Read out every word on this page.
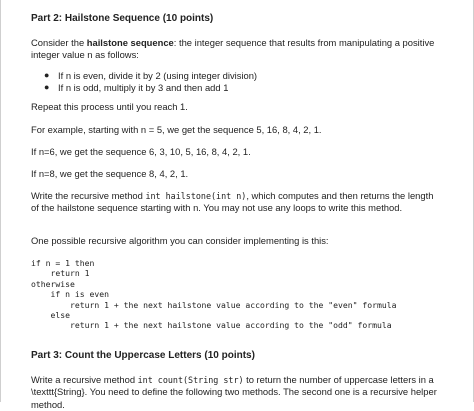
Part 2: Hailstone Sequence (10 points)

Consider the hailstone sequence: the integer sequence that results from manipulating a positive integer value n as follows:

● If n is even, divide it by 2 (using integer division)
● If n is odd, multiply it by 3 and then add 1

Repeat this process until you reach 1.

For example, starting with n = 5, we get the sequence 5, 16, 8, 4, 2, 1.

If n=6, we get the sequence 6, 3, 10, 5, 16, 8, 4, 2, 1.

If n=8, we get the sequence 8, 4, 2, 1.

Write the recursive method int hailstone(int n), which computes and then returns the length of the hailstone sequence starting with n. You may not use any loops to write this method.

One possible recursive algorithm you can consider implementing is this:

if n = 1 then
return 1
otherwise
if n is even
return 1 + the next hailstone value according to the "even" formula
else
return 1 + the next hailstone value according to the "odd" formula
Part 3: Count the Uppercase Letters (10 points)

Write a recursive method int count(String str) to return the number of uppercase letters in a \texttt{String}. You need to define the following two methods. The second one is a recursive helper method.
